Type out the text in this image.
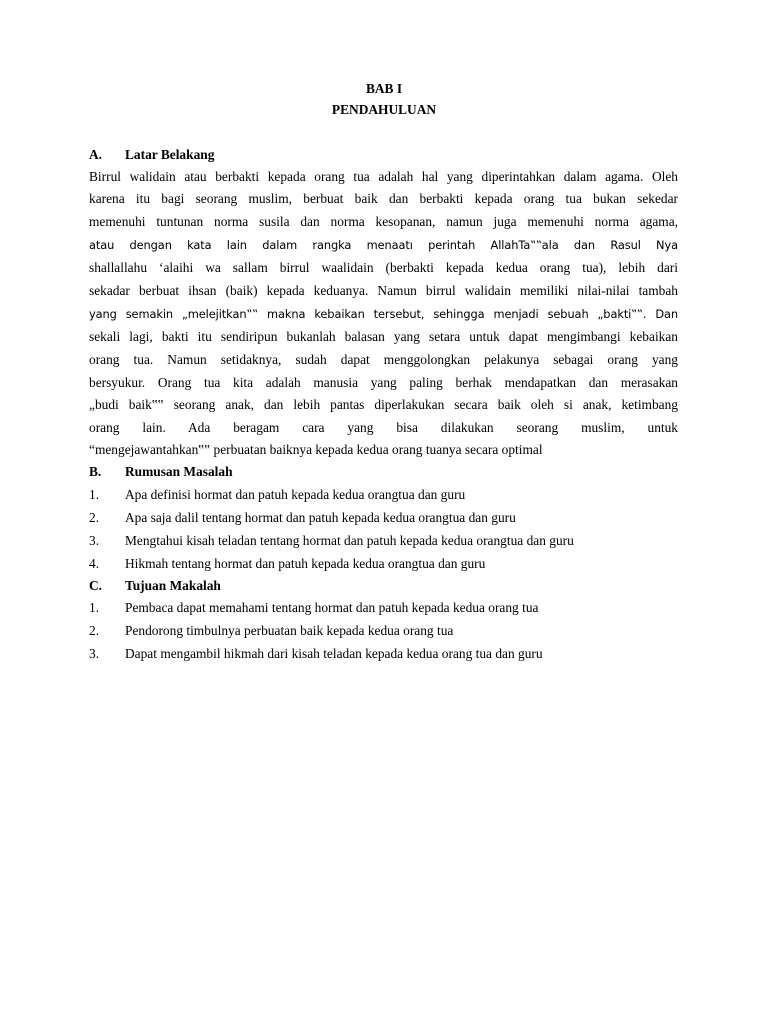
BAB I
PENDAHULUAN
A. Latar Belakang
Birrul walidain atau berbakti kepada orang tua adalah hal yang diperintahkan dalam agama. Oleh
karena itu bagi seorang muslim, berbuat baik dan berbakti kepada orang tua bukan sekedar
memenuhi tuntunan norma susila dan norma kesopanan, namun juga memenuhi norma agama,
atau dengan kata lain dalam rangka menaatı perintah AllahTa‟‟ala dan Rasul Nya
shallallahu ‘alaihi wa sallam birrul waalidain (berbakti kepada kedua orang tua), lebih dari
sekadar berbuat ihsan (baik) kepada keduanya. Namun birrul walidain memiliki nilai-nilai tambah
yang semakin „melejitkan‟‟ makna kebaikan tersebut, sehingga menjadi sebuah „bakti‟‟. Dan
sekali lagi, bakti itu sendiripun bukanlah balasan yang setara untuk dapat mengimbangi kebaikan
orang tua. Namun setidaknya, sudah dapat menggolongkan pelakunya sebagai orang yang
bersyukur. Orang tua kita adalah manusia yang paling berhak mendapatkan dan merasakan
„budi baik‟‟ seorang anak, dan lebih pantas diperlakukan secara baik oleh si anak, ketimbang
orang lain. Ada beragam cara yang bisa dilakukan seorang muslim, untuk
“mengejawantahkan‟‟ perbuatan baiknya kepada kedua orang tuanya secara optimal
B. Rumusan Masalah
1. Apa definisi hormat dan patuh kepada kedua orangtua dan guru
2. Apa saja dalil tentang hormat dan patuh kepada kedua orangtua dan guru
3. Mengtahui kisah teladan tentang hormat dan patuh kepada kedua orangtua dan guru
4. Hikmah tentang hormat dan patuh kepada kedua orangtua dan guru
C. Tujuan Makalah
1. Pembaca dapat memahami tentang hormat dan patuh kepada kedua orang tua
2. Pendorong timbulnya perbuatan baik kepada kedua orang tua
3. Dapat mengambil hikmah dari kisah teladan kepada kedua orang tua dan guru
